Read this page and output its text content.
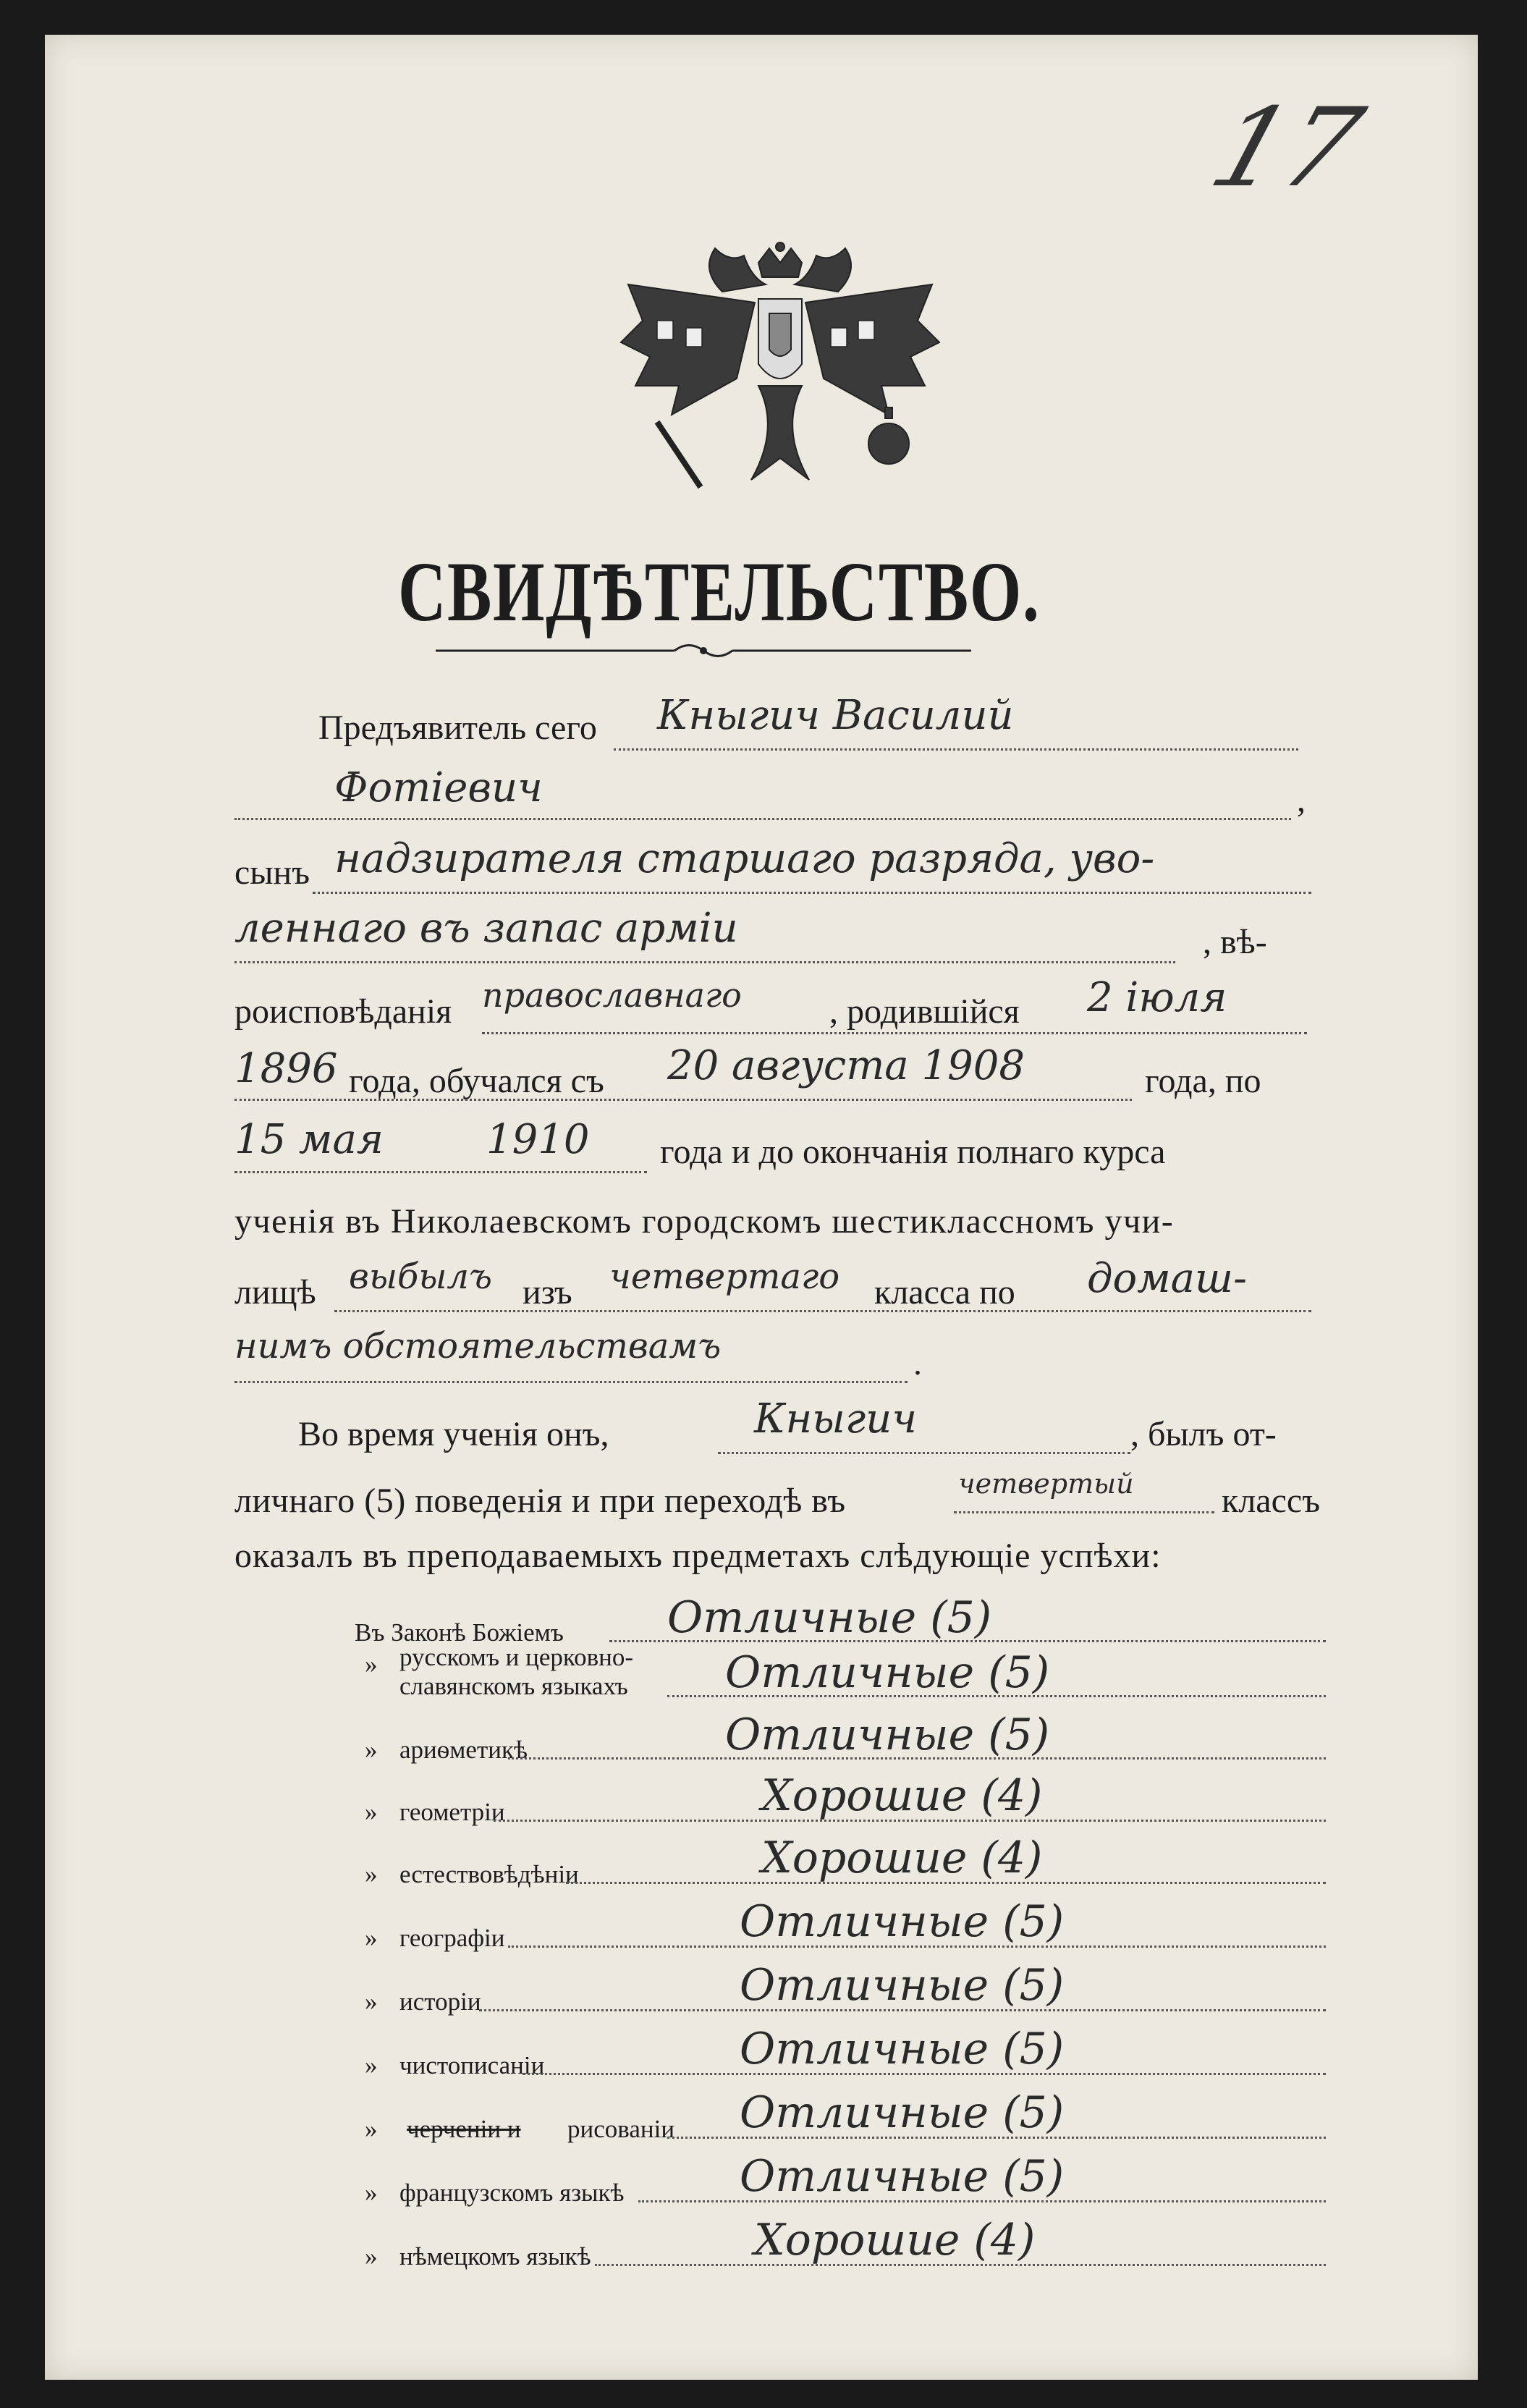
17
СВИДѢТЕЛЬСТВО.
Предъявитель сего Кныгич Василий
Фотіевич	,
сынъ надзирателя старшаго разряда, уво-
леннаго въ запас арміи	, вѣ-
роисповѣданія православнаго	, родившійся 2 іюля
1896 года, обучался съ 20 августа 1908	года, по
15 мая	1910 года и до окончанія полнаго курса
ученія въ Николаевскомъ городскомъ шестиклассномъ учи-
лищѣ выбылъ изъ четвертаго класса по домаш-
нимъ обстоятельствамъ	.
Во время ученія онъ,	Кныгич	, былъ от-
личнаго (5) поведенія и при переходѣ въ	четвертый	классъ
оказалъ въ преподаваемыхъ предметахъ слѣдующіе успѣхи:
Въ Законѣ Божіемъ Отличные (5)
» русскомъ и церковно-
славянскомъ языкахъ Отличные (5)
» ариѳметикѣ	Отличные (5)
» геометріи	Хорошие (4)
» естествовѣдѣніи	Хорошие (4)
» географіи	Отличные (5)
» исторіи	Отличные (5)
» чистописаніи	Отличные (5)
» черченіи и рисованіи Отличные (5)
» французскомъ языкѣ	Отличные (5)
» нѣмецкомъ языкѣ	Хорошие (4)
